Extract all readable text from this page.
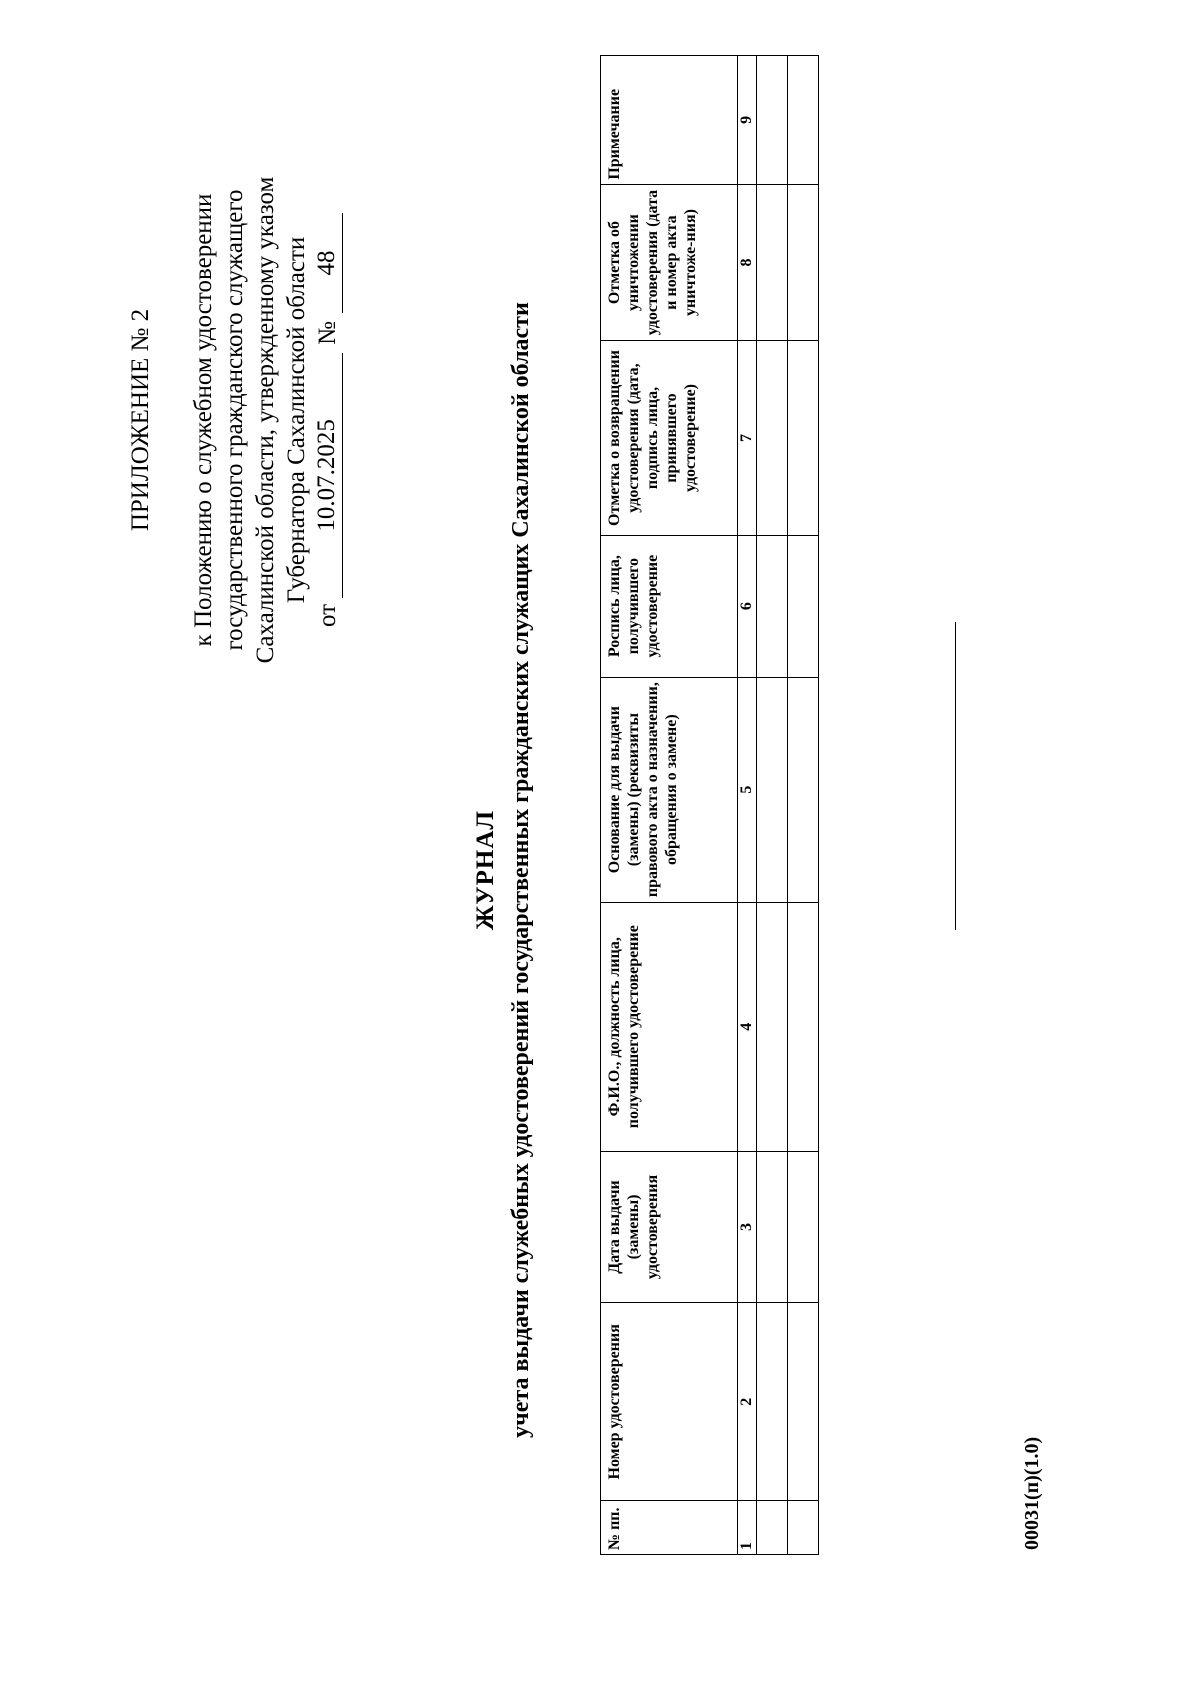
ПРИЛОЖЕНИЕ № 2 к Положению о служебном удостоверении государственного гражданского служащего Сахалинской области, утвержденному указом Губернатора Сахалинской области
от
10.07.2025
№
48
ЖУРНАЛ учета выдачи служебных удостоверений государственных гражданских служащих Сахалинской области
№ пп.	Номер удостоверения	Дата выдачи (замены) удостоверения	Ф.И.О., должность лица, получившего удостоверение	Основание для выдачи (замены) (реквизиты правового акта о назначении, обращения о замене)	Роспись лица, получившего удостоверение	Отметка о возвращении удостоверения (дата, подпись лица, принявшего удостоверение)	Отметка об уничтожении удостоверения (дата и номер акта уничтоже-ния)	Примечание
1	2	3	4	5	6	7	8	9

00031(п)(1.0)
